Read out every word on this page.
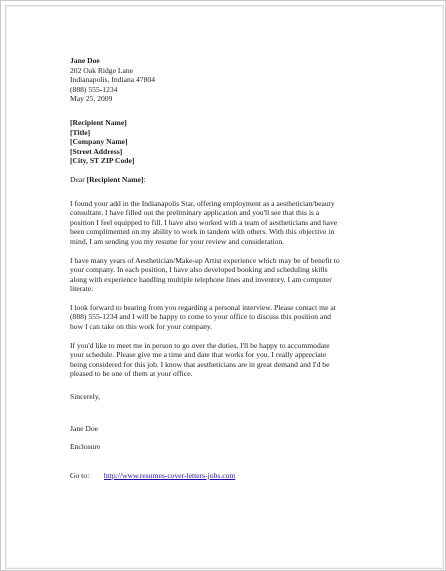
Jane Doe
202 Oak Ridge Lane
Indianapolis, Indiana 47804
(888) 555-1234
May 25, 2009
[Recipient Name]
[Title]
[Company Name]
[Street Address]
[City, ST ZIP Code]
Dear [Recipient Name]:
I found your add in the Indianapolis Star, offering employment as a aesthetician/beauty
consultant. I have filled out the preliminary application and you'll see that this is a
position I feel equipped to fill. I have also worked with a team of aestheticians and have
been complimented on my ability to work in tandem with others. With this objective in
mind, I am sending you my resume for your review and consideration.
I have many years of Aesthetician/Make-up Artist experience which may be of benefit to
your company. In each position, I have also developed booking and scheduling skills
along with experience handling multiple telephone lines and inventory. I am computer
literate.
I look forward to hearing from you regarding a personal interview. Please contact me at
(888) 555-1234 and I will be happy to come to your office to discuss this position and
how I can take on this work for your company.
If you'd like to meet me in person to go over the duties, I'll be happy to accommodate
your schedule. Please give me a time and date that works for you. I really appreciate
being considered for this job. I know that aestheticians are in great demand and I'd be
pleased to be one of them at your office.
Sincerely,
Jane Doe
Enclosure
Go to: http://www.resumes-cover-letters-jobs.com
